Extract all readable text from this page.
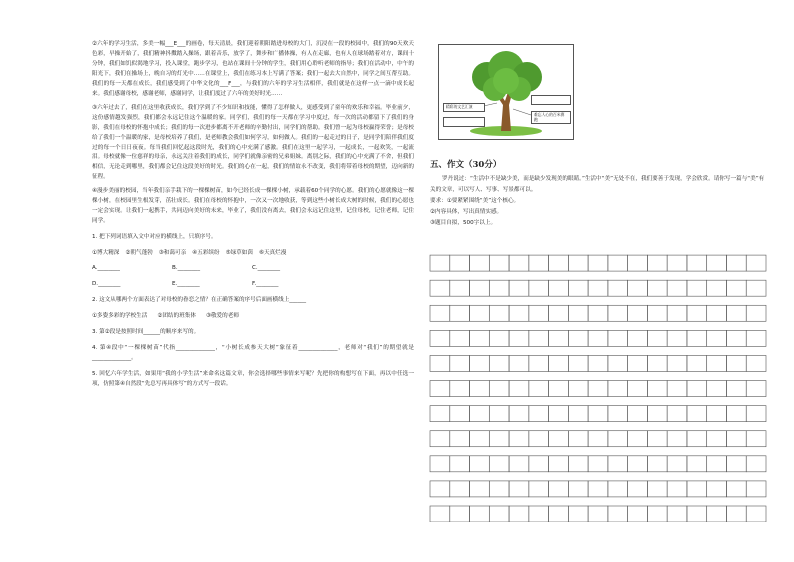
②六年的学习生活，多美一幅___E___的画卷，每天清晨，我们迎着朝阳踏进母校的大门，沉浸在一段的校园中，我们的90天欢天色彩，早操开始了，我们精神抖擞踏入操场，跟着音乐，放学了，舞步和广播体操，有人在走廊，也有人在球场踏着对方，课间十分钟，我们如饥似渴地学习，投入课堂，跑步学习，也站在课间十分钟的学生，我们用心聆听老师的指导；我们在活动中，中午的阳光下，我们在操场上，晚自习的灯光中……在课堂上，我们在练习本上写满了答案；我们一起去大自然中，同学之间互帮互助。我们的每一天都在成长，我们感受到了中华文化的___F___，与我们的六年的学习生活相伴，我们就是在这样一点一滴中成长起来。我们感谢母校，感谢老师，感谢同学，让我们度过了六年的美好时光……

③六年过去了，我们在这里收获成长，我们学到了不少知识和技能，懂得了怎样做人，更感受到了童年的欢乐和幸福。毕业前夕，这份感情越发强烈，我们都会永远记住这个温暖的家。同学们，我们的每一天都在学习中度过，每一次的活动都留下了我们的身影，我们在母校的怀抱中成长；我们的每一次进步都离不开老师的辛勤付出，同学们的帮助。我们曾一起为母校赢得荣誉；是母校给了我们一个温暖的家，是母校培养了我们，是老师教会我们如何学习，如何做人。我们的一起走过的日子，是同学们陪伴我们度过的每一个日日夜夜。每当我们回忆起这段时光，我们的心中充满了感激。我们在这里一起学习，一起成长，一起欢笑，一起流泪。母校就像一位慈祥的母亲，永远关注着我们的成长，同学们就像亲密的兄弟姐妹。离别之际，我们的心中充满了不舍，但我们相信，无论走到哪里，我们都会记住这段美好的时光。我们的心在一起，我们的情谊永不改变，我们将带着母校的期望，迈向新的征程。

④漫步美丽的校园，当年我们亲手栽下的一棵棵树苗，如今已经长成一棵棵小树，承载着60个同学的心愿。我们的心愿就像这一棵棵小树，在校园里生根发芽，茁壮成长。我们在母校的怀抱中，一次又一次地收获，等到这些小树长成大树的时候，我们的心愿也一定会实现。让我们一起携手，共同迈向美好的未来，毕业了，我们没有离去，我们会永远记住这里，记住母校，记住老师，记住同学。

1. 把下列词语填入文中对应的横线上，只填序号。

①博大精深 ②朝气蓬勃 ③和蔼可亲 ④五彩缤纷 ⑤绿草如茵 ⑥天真烂漫
A.________	B.________	C.________
D.________	E.________	F.________

2. 这文从哪两个方面表达了对母校的眷恋之情？在正确答案的序号后面画横线上______

①多姿多彩的学校生活 ②团结的班集体 ③敬爱的老师

3. 第②段是按照时间______的顺序来写的。

4. 第④段中“一棵棵树苗”代指______________，“小树长成参天大树”象征着______________，老师对“我们”的期望就是______________。

5. 回忆六年学生活，如果用“我的小学生活”来命名这篇文章，你会选择哪些事情来写呢？先把你的构想写在下面，再以中任选一项，仿照第④自然段“先总写再具体写”的方式写一段话。

精彩的文艺汇演
难忘人心的百米赛跑
五、作文（30分）

罗丹说过：“生活中不是缺少美，而是缺少发现美的眼睛。”生活中“美”无处不在，我们要善于发现，学会欣赏。请你写一篇与“美”有关的文章，可以写人、写事、写景都可以。

要求：①要紧紧围绕“美”这个核心。

②内容具体，写出真情实感。

③题目自拟，500字以上。
